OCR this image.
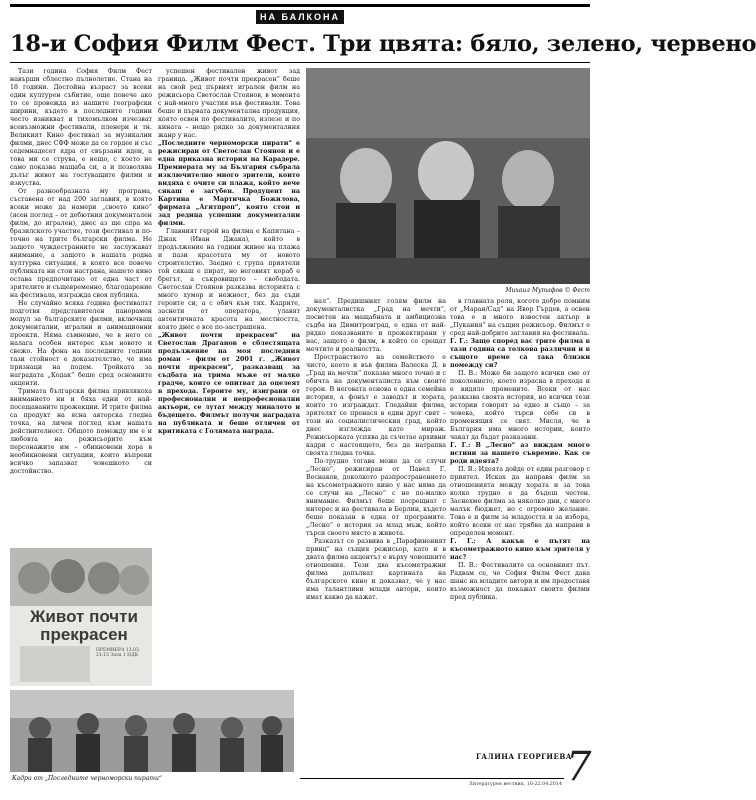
НА БАЛКОНА
18-и София Филм Фест. Три цвята: бяло, зелено, червено

Тази година София Филм Фест навърши сблестно пълнолетие. Стана на 18 години. Достойна възраст за всеки един културен събитие, още повече ако то се провежда из нашите географски ширини, където в последните години често изникват и тихомълком изчезват всевъзможни фестивали, пленери и тн. Великият Кино фестивал за музикални филми, днес СФФ може да се гордее и със седемнадесет ядра от свързани идеи, а това ми се струва, е нещо, с което не само показва мащаба си, а и позволява дълъг живот на гостуващите филми и изкуства.

От разнообразната му програма, съставена от над 200 заглавия, в която всеки може да намери „своето кино“ (ясен поглед – от дебютния документален филм, до игрален), днес аз ще спра на бразилското участие, този фестивал и по-точно на трите български филма. Не защото чуждестранните не заслужават внимание, а защото в нашата родна културна ситуация, в която все повече публиката ни стои настрана, нашето кино остава предпочитано от една част от зрителите и същевременно, благодарение на фестивала, изгражда своя публика.

Не случайно всяка година фестивалът подготвя представителен панорамен модул за българските филми, включващ документални, игрални и анимационни проекти. Няма съмнение, че в него се налага особен интерес към новото и свежо. На фона на последните години тази стойност е доказателство, че има признаци на подем. Тройката за наградата „Кодак“ беше сред основните акценти.

Тримата български филма привлякоха вниманието ни и бяха едни от най-посещаваните прожекции. И трите филма са продукт на ясна авторска гледна точка, на личен поглед към нашата действителност. Общото помежду им е и любовта на режисьорите към персонажите им – обикновени хора в необикновени ситуации, които въпреки всичко запазват човешкото си достойнство.

Живот почти прекрасен
ПРЕМИЕРА 13.03. 21:15 Зала 1 НДК

успешен фестивален живот зад граница. „Живот почти прекрасен“ беше на свой ред първият игрален филм на режисьора Светослав Стоянов, в момента с най-много участия във фестивали. Това беше и първата документална продукция, която освен по фестивалите, излезе и по кината – нещо рядко за документалния жанр у нас.

„Последните черноморски пирати“ е режисиран от Светослав Стоянов и е една приказна история на Карадере. Премиерата му за България събрала изключително много зрители, които видяха с очите си плажа, който вече сякаш е загубен. Продуцент на Картина е Мартичка Божилова, фирмата „Агитпроп“, която стои и зад редица успешни документални филми.

Главният герой на филма е Капитана – Джак (Иван Джака), който в продължение на години живее на плажа и пази красотата му от новото строителство. Заедно с група приятели той сякаш е пират, но неговият кораб е брегът, а съкровището – свободата. Светослав Стоянов разказва историята с много хумор и нежност, без да съди героите си, а с обич към тях. Кадрите, заснети от оператора, улавят автентичната красота на местността, която днес е все по-застрашена.

„Живот почти прекрасен“ на Светослав Драганов е сблестящата продължение на моя последния роман – филм от 2001 г. „Живот почти прекрасен“, разказващ за съдбата на трима мъже от малко градче, които се опитват да оцелеят в прехода. Героите му, изиграни от професионални и непрофесионални актьори, се лутат между миналото и бъдещето. Филмът получи наградата на публиката и беше отличен от критиката с Голямата награда.

Михаил Мутафов © Фест

нал“. Предишният голям филм на документалистка „Град на мечти“, посветен на мащабната и амбициозна съдба на Димитровград, е една от най-рядко показваните и прожектирани у нас, защото е филм, в който се срещат мечтите и реалността.

Пространството на семейството е чисто, което и във филма Валеска Д. в „Град на мечти“ показва много точно и с обичта на документалиста към своите герои. В неговата основа е една семейна история, а фонът е заводът и хората, които го изграждат. Гледайки филма, зрителят се пренася в един друг свят – този на социалистическия град, който днес изглежда като мираж. Режисьорката успява да съчетае архивни кадри с настоящето, без да натрапва своята гледна точка.

По-трудно тогава може да се случи „Лесно“, режисиран от Павел Г. Веснаков, доколкото разпространението на късометражното кино у нас няма да се случи на „Лесно“ с не по-малко внимание. Филмът беше посрещнат с интерес и на фестивала в Берлин, където беше показан в една от програмите. „Лесно“ е история за млад мъж, който търси своето място в живота.

Разказът се развива в „Парафиненият принц“ на същия режисьор, като и в двата филма акцентът е върху човешките отношения. Тези два късометражни филма допълват картината на българското кино и доказват, че у нас има талантливи млади автори, които имат какво да кажат.

в главната роля, когото добре помним от „Маран/Сад“ на Явор Гърдев, а освен това е и много известен актьор в „Пукания“ на същия режисьор. Филмът е сред най-добрите заглавия на фестивала.

Г. Г.: Защо според вас трите филма в тази година са толкова различни и в същото време са така близки помежду си?

П. В.: Може би защото всички сме от поколението, което израсна в прехода и е видяло промените. Всеки от нас разказва своята история, но всички тези истории говорят за едно и също – за човека, който търси себе си в променящия се свят. Мисля, че в България има много истории, които чакат да бъдат разказани.

Г. Г.: В „Лесно“ аз виждам много истини за нашето съвремие. Как се роди идеята?

П. В.: Идеята дойде от един разговор с приятел. Исках да направя филм за отношенията между хората и за това колко трудно е да бъдеш честен. Заснехме филма за няколко дни, с много малък бюджет, но с огромно желание. Това е и филм за младостта и за избора, който всеки от нас трябва да направи в определен момент.

Г. Г.: А какъв е пътят на късометражното кино към зрителя у нас?

П. В.: Фестивалите са основният път. Радвам се, че София Филм Фест дава шанс на младите автори и им предоставя възможност да покажат своите филми пред публика.

Кадри от „Последните черноморски пирати“
ГАЛИНА ГЕОРГИЕВА
Литературен вестник, 16-22.04.2014 7
